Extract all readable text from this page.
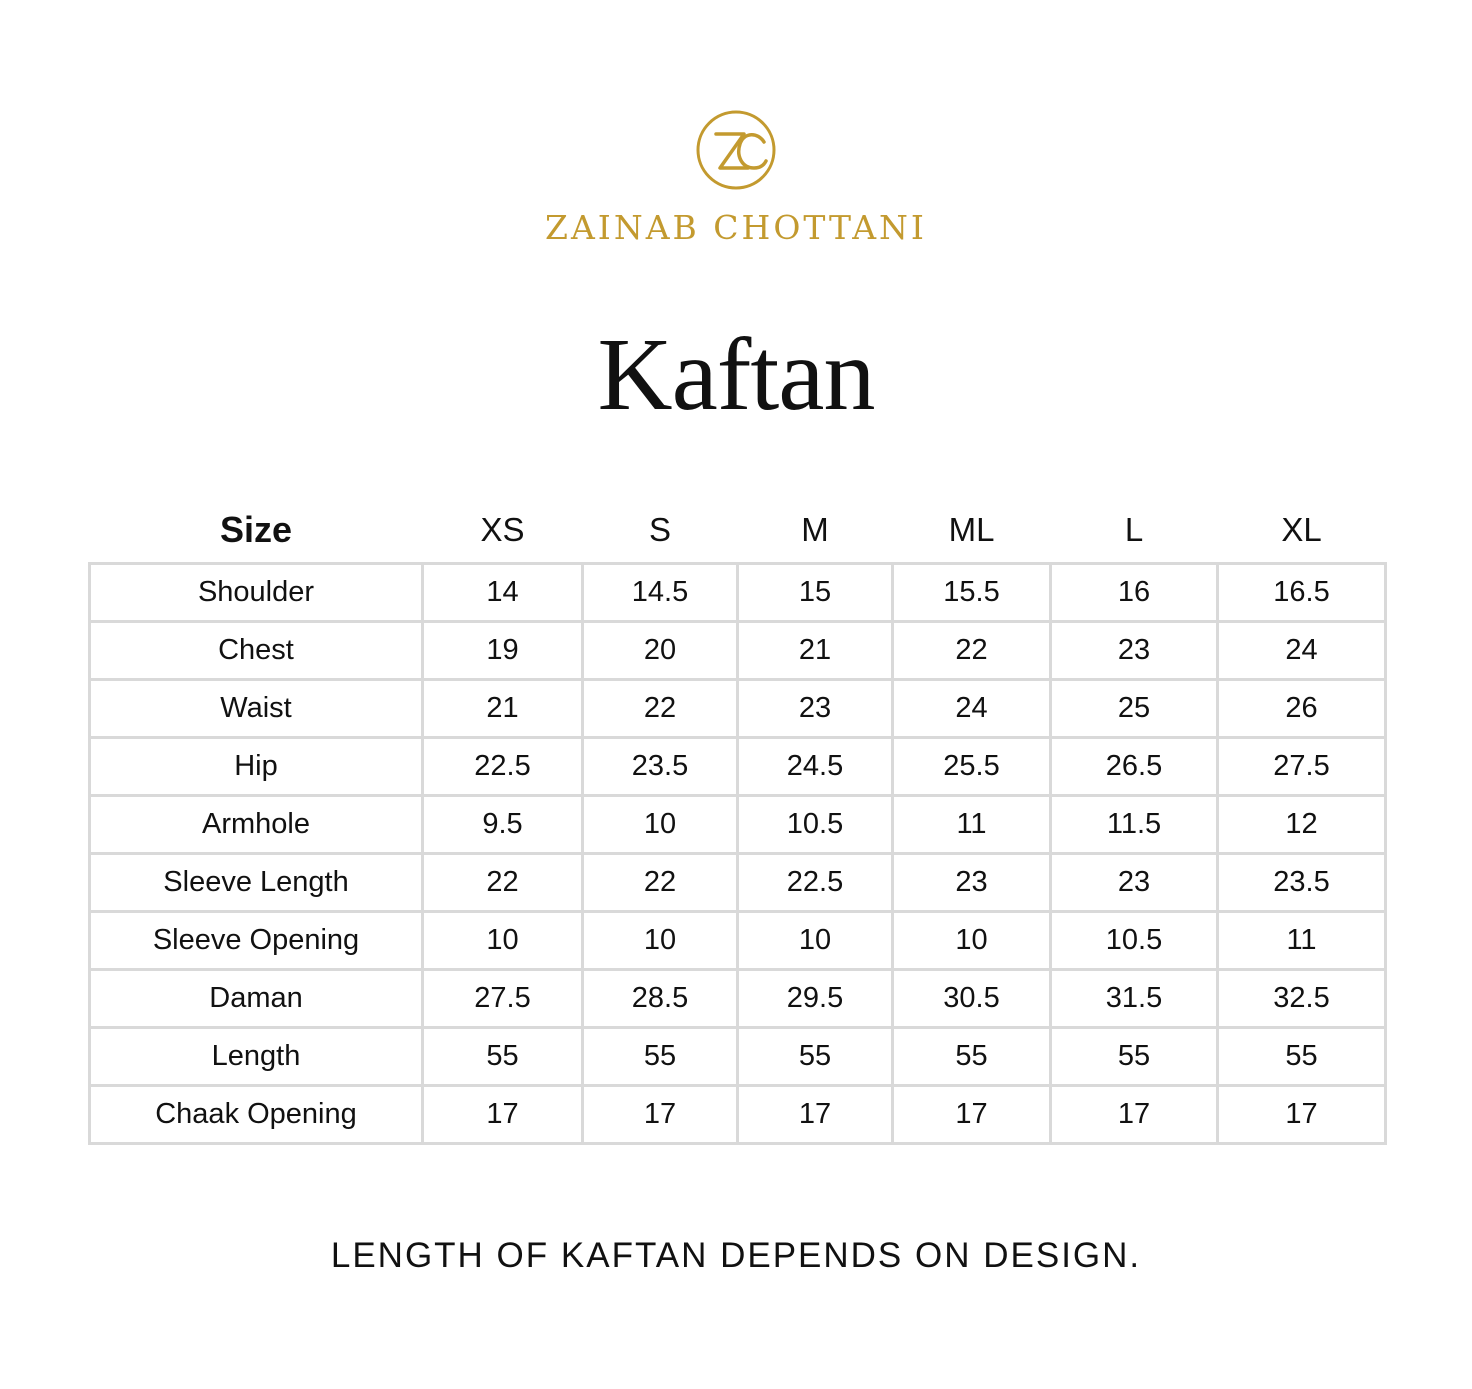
ZAINAB CHOTTANI
Kaftan
Size	XS	S	M	ML	L	XL
Shoulder	14	14.5	15	15.5	16	16.5
Chest	19	20	21	22	23	24
Waist	21	22	23	24	25	26
Hip	22.5	23.5	24.5	25.5	26.5	27.5
Armhole	9.5	10	10.5	11	11.5	12
Sleeve Length	22	22	22.5	23	23	23.5
Sleeve Opening	10	10	10	10	10.5	11
Daman	27.5	28.5	29.5	30.5	31.5	32.5
Length	55	55	55	55	55	55
Chaak Opening	17	17	17	17	17	17
LENGTH OF KAFTAN DEPENDS ON DESIGN.
